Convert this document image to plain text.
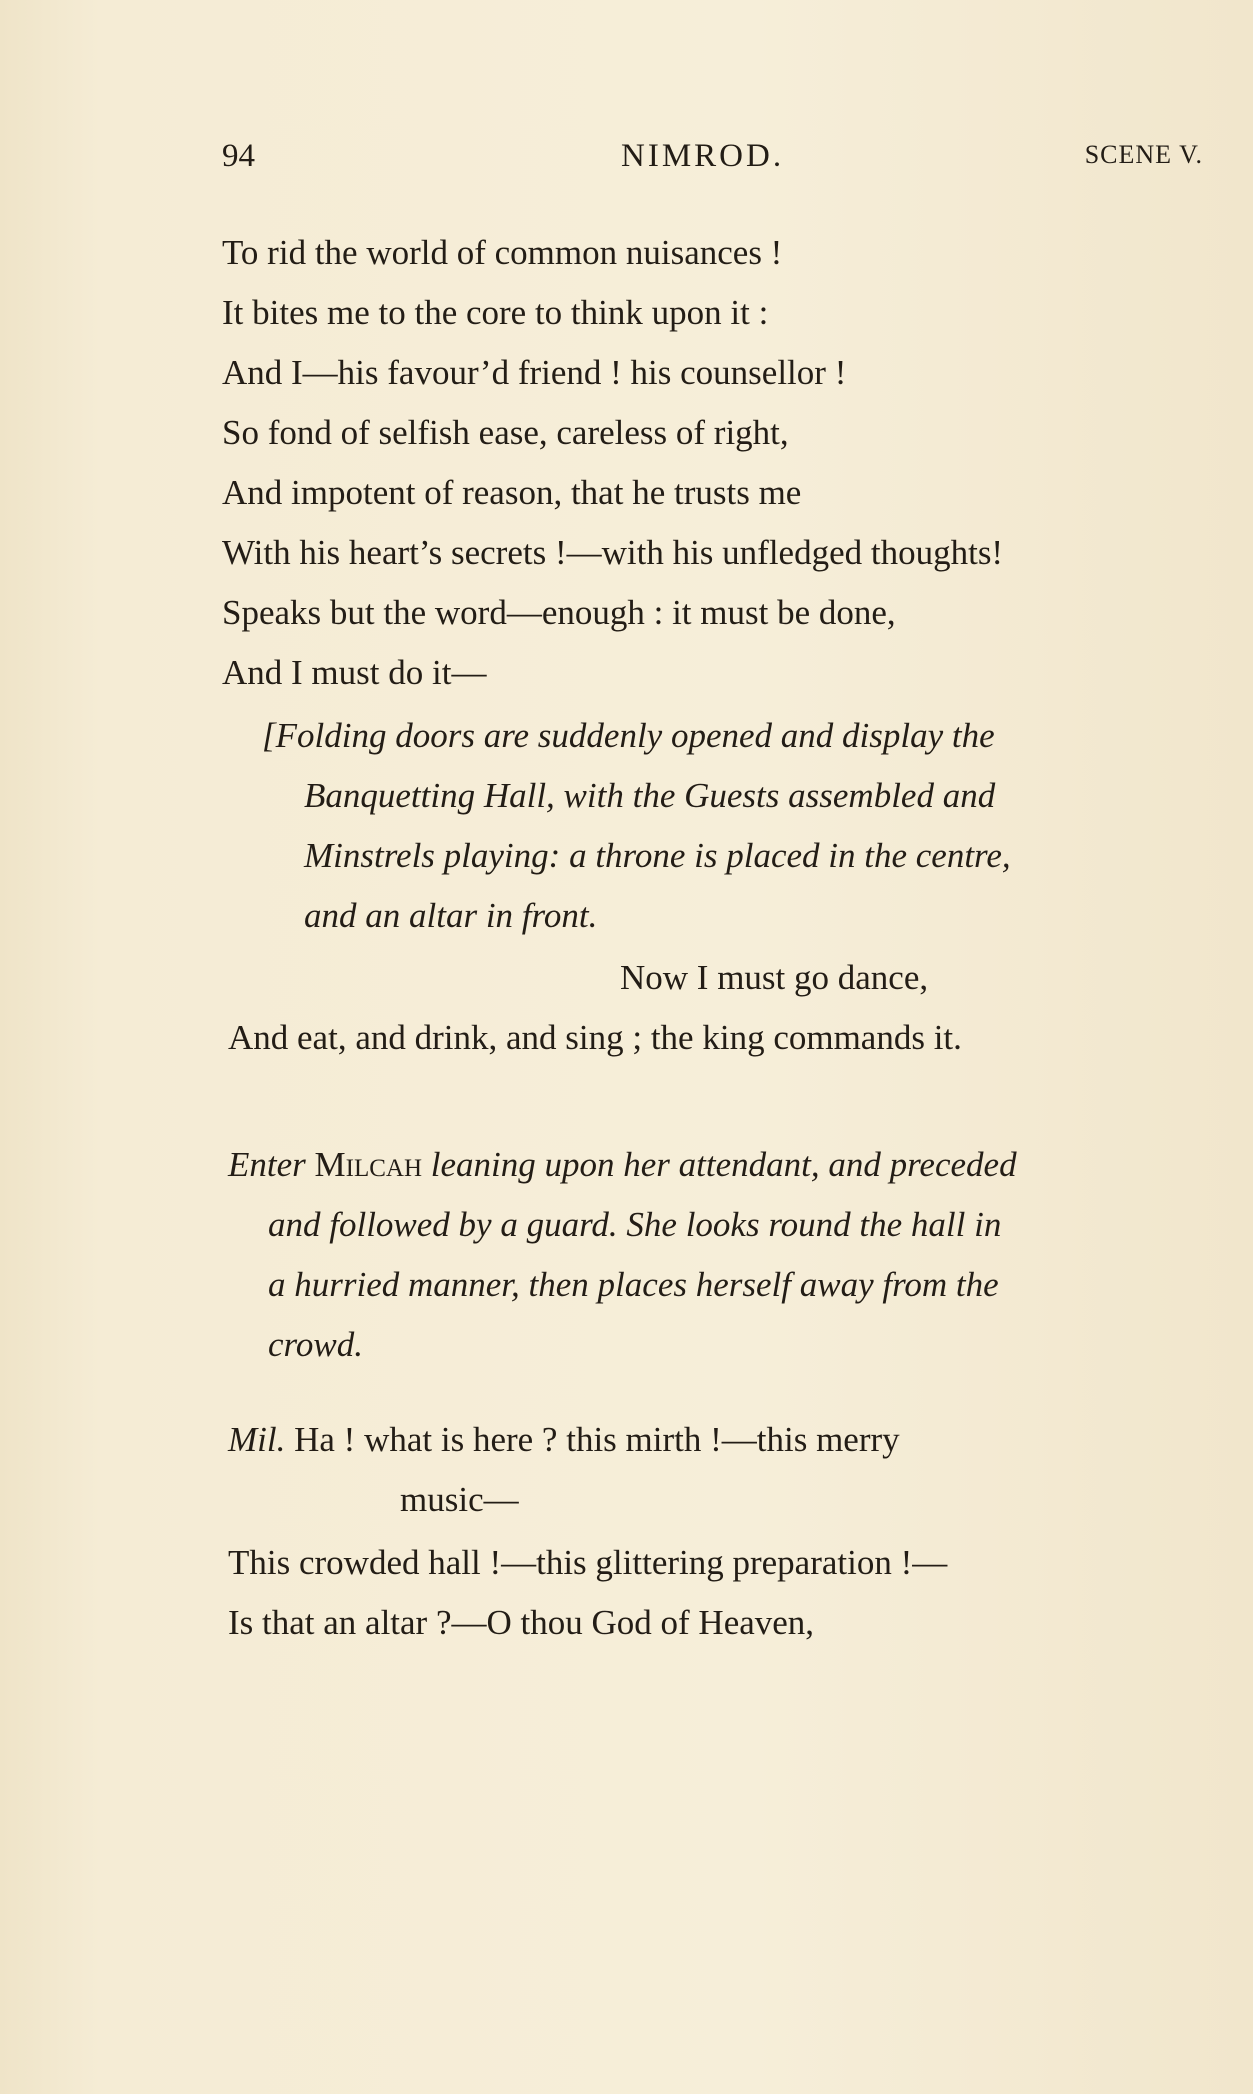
94	NIMROD.	SCENE V.
To rid the world of common nuisances !
It bites me to the core to think upon it :
And I—his favour’d friend ! his counsellor !
So fond of selfish ease, careless of right,
And impotent of reason, that he trusts me
With his heart’s secrets !—with his unfledged thoughts!
Speaks but the word—enough : it must be done,
And I must do it—
[Folding doors are suddenly opened and display the
Banquetting Hall, with the Guests assembled and
Minstrels playing: a throne is placed in the centre,
and an altar in front.
Now I must go dance,
And eat, and drink, and sing ; the king commands it.
Enter Milcah leaning upon her attendant, and preceded
and followed by a guard. She looks round the hall in
a hurried manner, then places herself away from the
crowd.
Mil. Ha ! what is here ? this mirth !—this merry
music—
This crowded hall !—this glittering preparation !—
Is that an altar ?—O thou God of Heaven,
